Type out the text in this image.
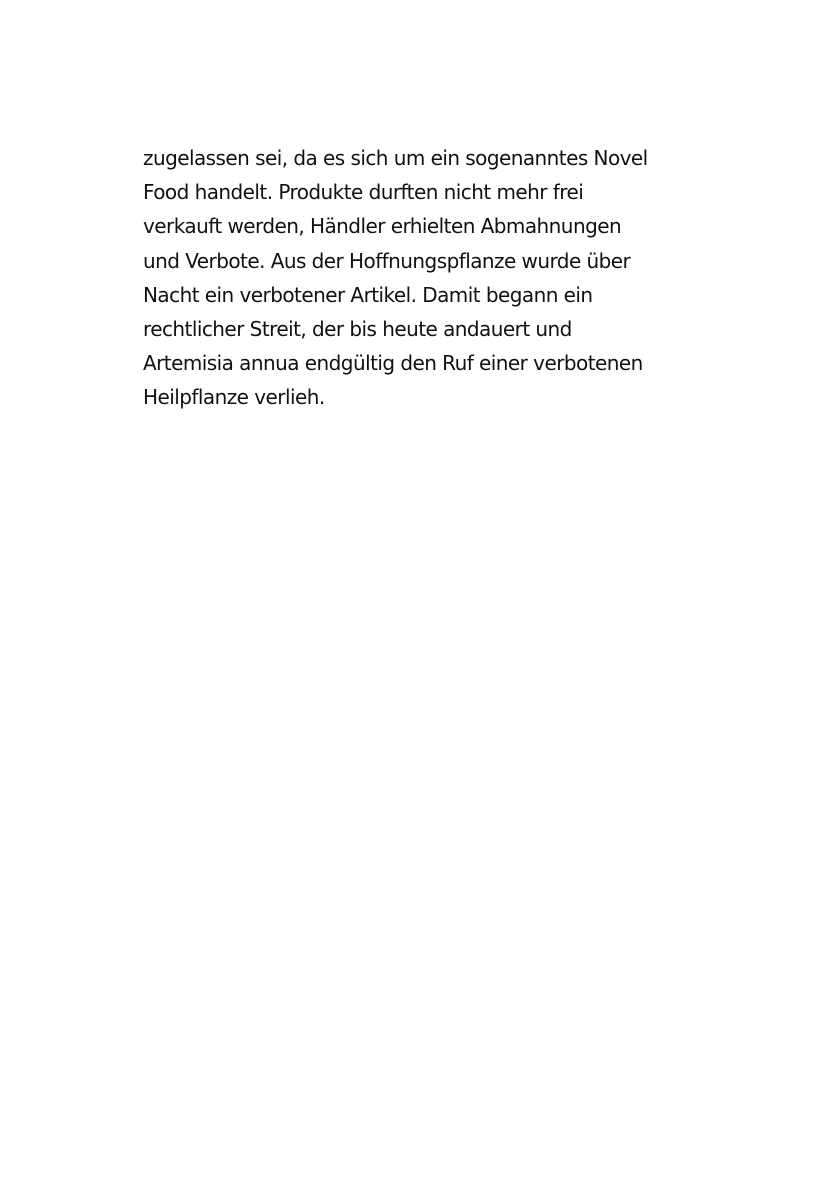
zugelassen sei, da es sich um ein sogenanntes Novel
Food handelt. Produkte durften nicht mehr frei
verkauft werden, Händler erhielten Abmahnungen
und Verbote. Aus der Hoffnungspflanze wurde über
Nacht ein verbotener Artikel. Damit begann ein
rechtlicher Streit, der bis heute andauert und
Artemisia annua endgültig den Ruf einer verbotenen
Heilpflanze verlieh.
